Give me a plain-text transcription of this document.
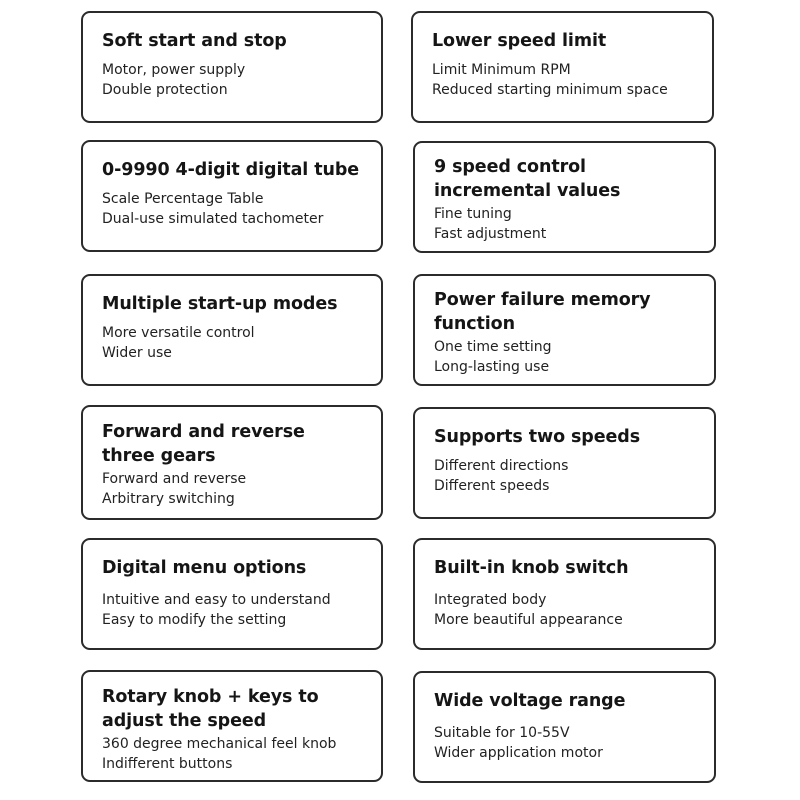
Soft start and stop

Motor, power supply

Double protection

Lower speed limit

Limit Minimum RPM

Reduced starting minimum space

0-9990 4-digit digital tube

Scale Percentage Table

Dual-use simulated tachometer

9 speed control incremental values

Fine tuning

Fast adjustment

Multiple start-up modes

More versatile control

Wider use

Power failure memory function

One time setting

Long-lasting use

Forward and reverse three gears

Forward and reverse

Arbitrary switching

Supports two speeds

Different directions

Different speeds

Digital menu options

Intuitive and easy to understand

Easy to modify the setting

Built-in knob switch

Integrated body

More beautiful appearance

Rotary knob + keys to adjust the speed

360 degree mechanical feel knob

Indifferent buttons

Wide voltage range

Suitable for 10-55V

Wider application motor
